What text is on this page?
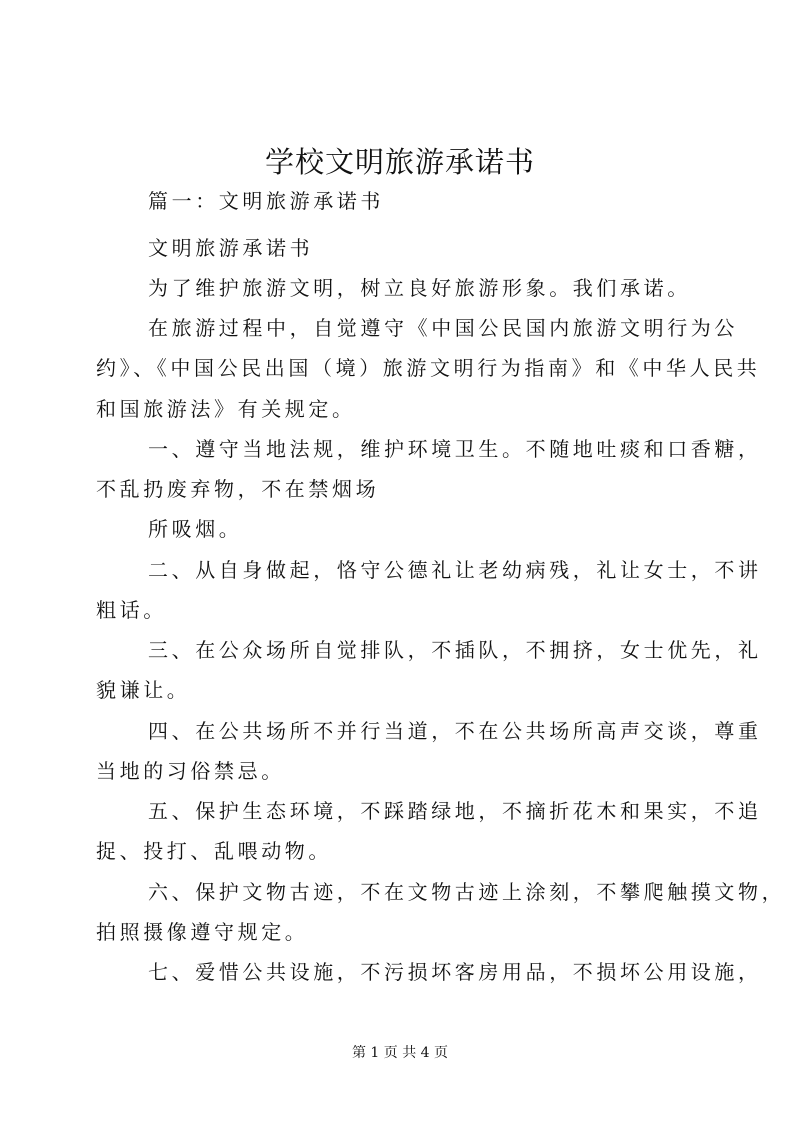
学校文明旅游承诺书
篇一：文明旅游承诺书
文明旅游承诺书
为了维护旅游文明，树立良好旅游形象。我们承诺。
在旅游过程中，自觉遵守《中国公民国内旅游文明行为公
约》、《中国公民出国（境）旅游文明行为指南》和《中华人民共
和国旅游法》有关规定。
一、遵守当地法规，维护环境卫生。不随地吐痰和口香糖，
不乱扔废弃物，不在禁烟场
所吸烟。
二、从自身做起，恪守公德礼让老幼病残，礼让女士，不讲
粗话。
三、在公众场所自觉排队，不插队，不拥挤，女士优先，礼
貌谦让。
四、在公共场所不并行当道，不在公共场所高声交谈，尊重
当地的习俗禁忌。
五、保护生态环境，不踩踏绿地，不摘折花木和果实，不追
捉、投打、乱喂动物。
六、保护文物古迹，不在文物古迹上涂刻，不攀爬触摸文物，
拍照摄像遵守规定。
七、爱惜公共设施，不污损坏客房用品，不损坏公用设施，
第 1 页 共 4 页
